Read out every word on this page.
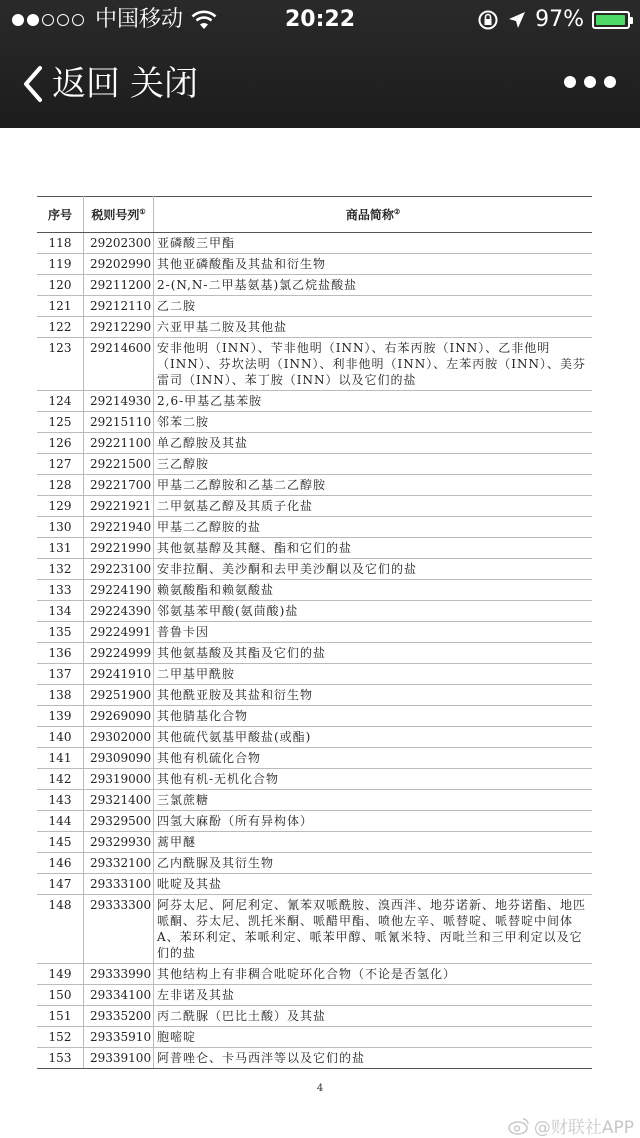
中国移动	20:22	97%
返回 关闭
序号	税则号列①	商品简称②
118	29202300	亚磷酸三甲酯
119	29202990	其他亚磷酸酯及其盐和衍生物
120	29211200	2-(N,N-二甲基氨基)氯乙烷盐酸盐
121	29212110	乙二胺
122	29212290	六亚甲基二胺及其他盐
123	29214600	安非他明（INN）、苄非他明（INN）、右苯丙胺（INN）、乙非他明（INN）、芬坎法明（INN）、利非他明（INN）、左苯丙胺（INN）、美芬雷司（INN）、苯丁胺（INN）以及它们的盐
124	29214930	2,6-甲基乙基苯胺
125	29215110	邻苯二胺
126	29221100	单乙醇胺及其盐
127	29221500	三乙醇胺
128	29221700	甲基二乙醇胺和乙基二乙醇胺
129	29221921	二甲氨基乙醇及其质子化盐
130	29221940	甲基二乙醇胺的盐
131	29221990	其他氨基醇及其醚、酯和它们的盐
132	29223100	安非拉酮、美沙酮和去甲美沙酮以及它们的盐
133	29224190	赖氨酸酯和赖氨酸盐
134	29224390	邻氨基苯甲酸(氨茴酸)盐
135	29224991	普鲁卡因
136	29224999	其他氨基酸及其酯及它们的盐
137	29241910	二甲基甲酰胺
138	29251900	其他酰亚胺及其盐和衍生物
139	29269090	其他腈基化合物
140	29302000	其他硫代氨基甲酸盐(或酯)
141	29309090	其他有机硫化合物
142	29319000	其他有机-无机化合物
143	29321400	三氯蔗糖
144	29329500	四氢大麻酚（所有异构体）
145	29329930	蒿甲醚
146	29332100	乙内酰脲及其衍生物
147	29333100	吡啶及其盐
148	29333300	阿芬太尼、阿尼利定、氰苯双哌酰胺、溴西泮、地芬诺新、地芬诺酯、地匹哌酮、芬太尼、凯托米酮、哌醋甲酯、喷他左辛、哌替啶、哌替啶中间体A、苯环利定、苯哌利定、哌苯甲醇、哌氰米特、丙吡兰和三甲利定以及它们的盐
149	29333990	其他结构上有非稠合吡啶环化合物（不论是否氢化）
150	29334100	左非诺及其盐
151	29335200	丙二酰脲（巴比土酸）及其盐
152	29335910	胞嘧啶
153	29339100	阿普唑仑、卡马西泮等以及它们的盐
4
@财联社APP
